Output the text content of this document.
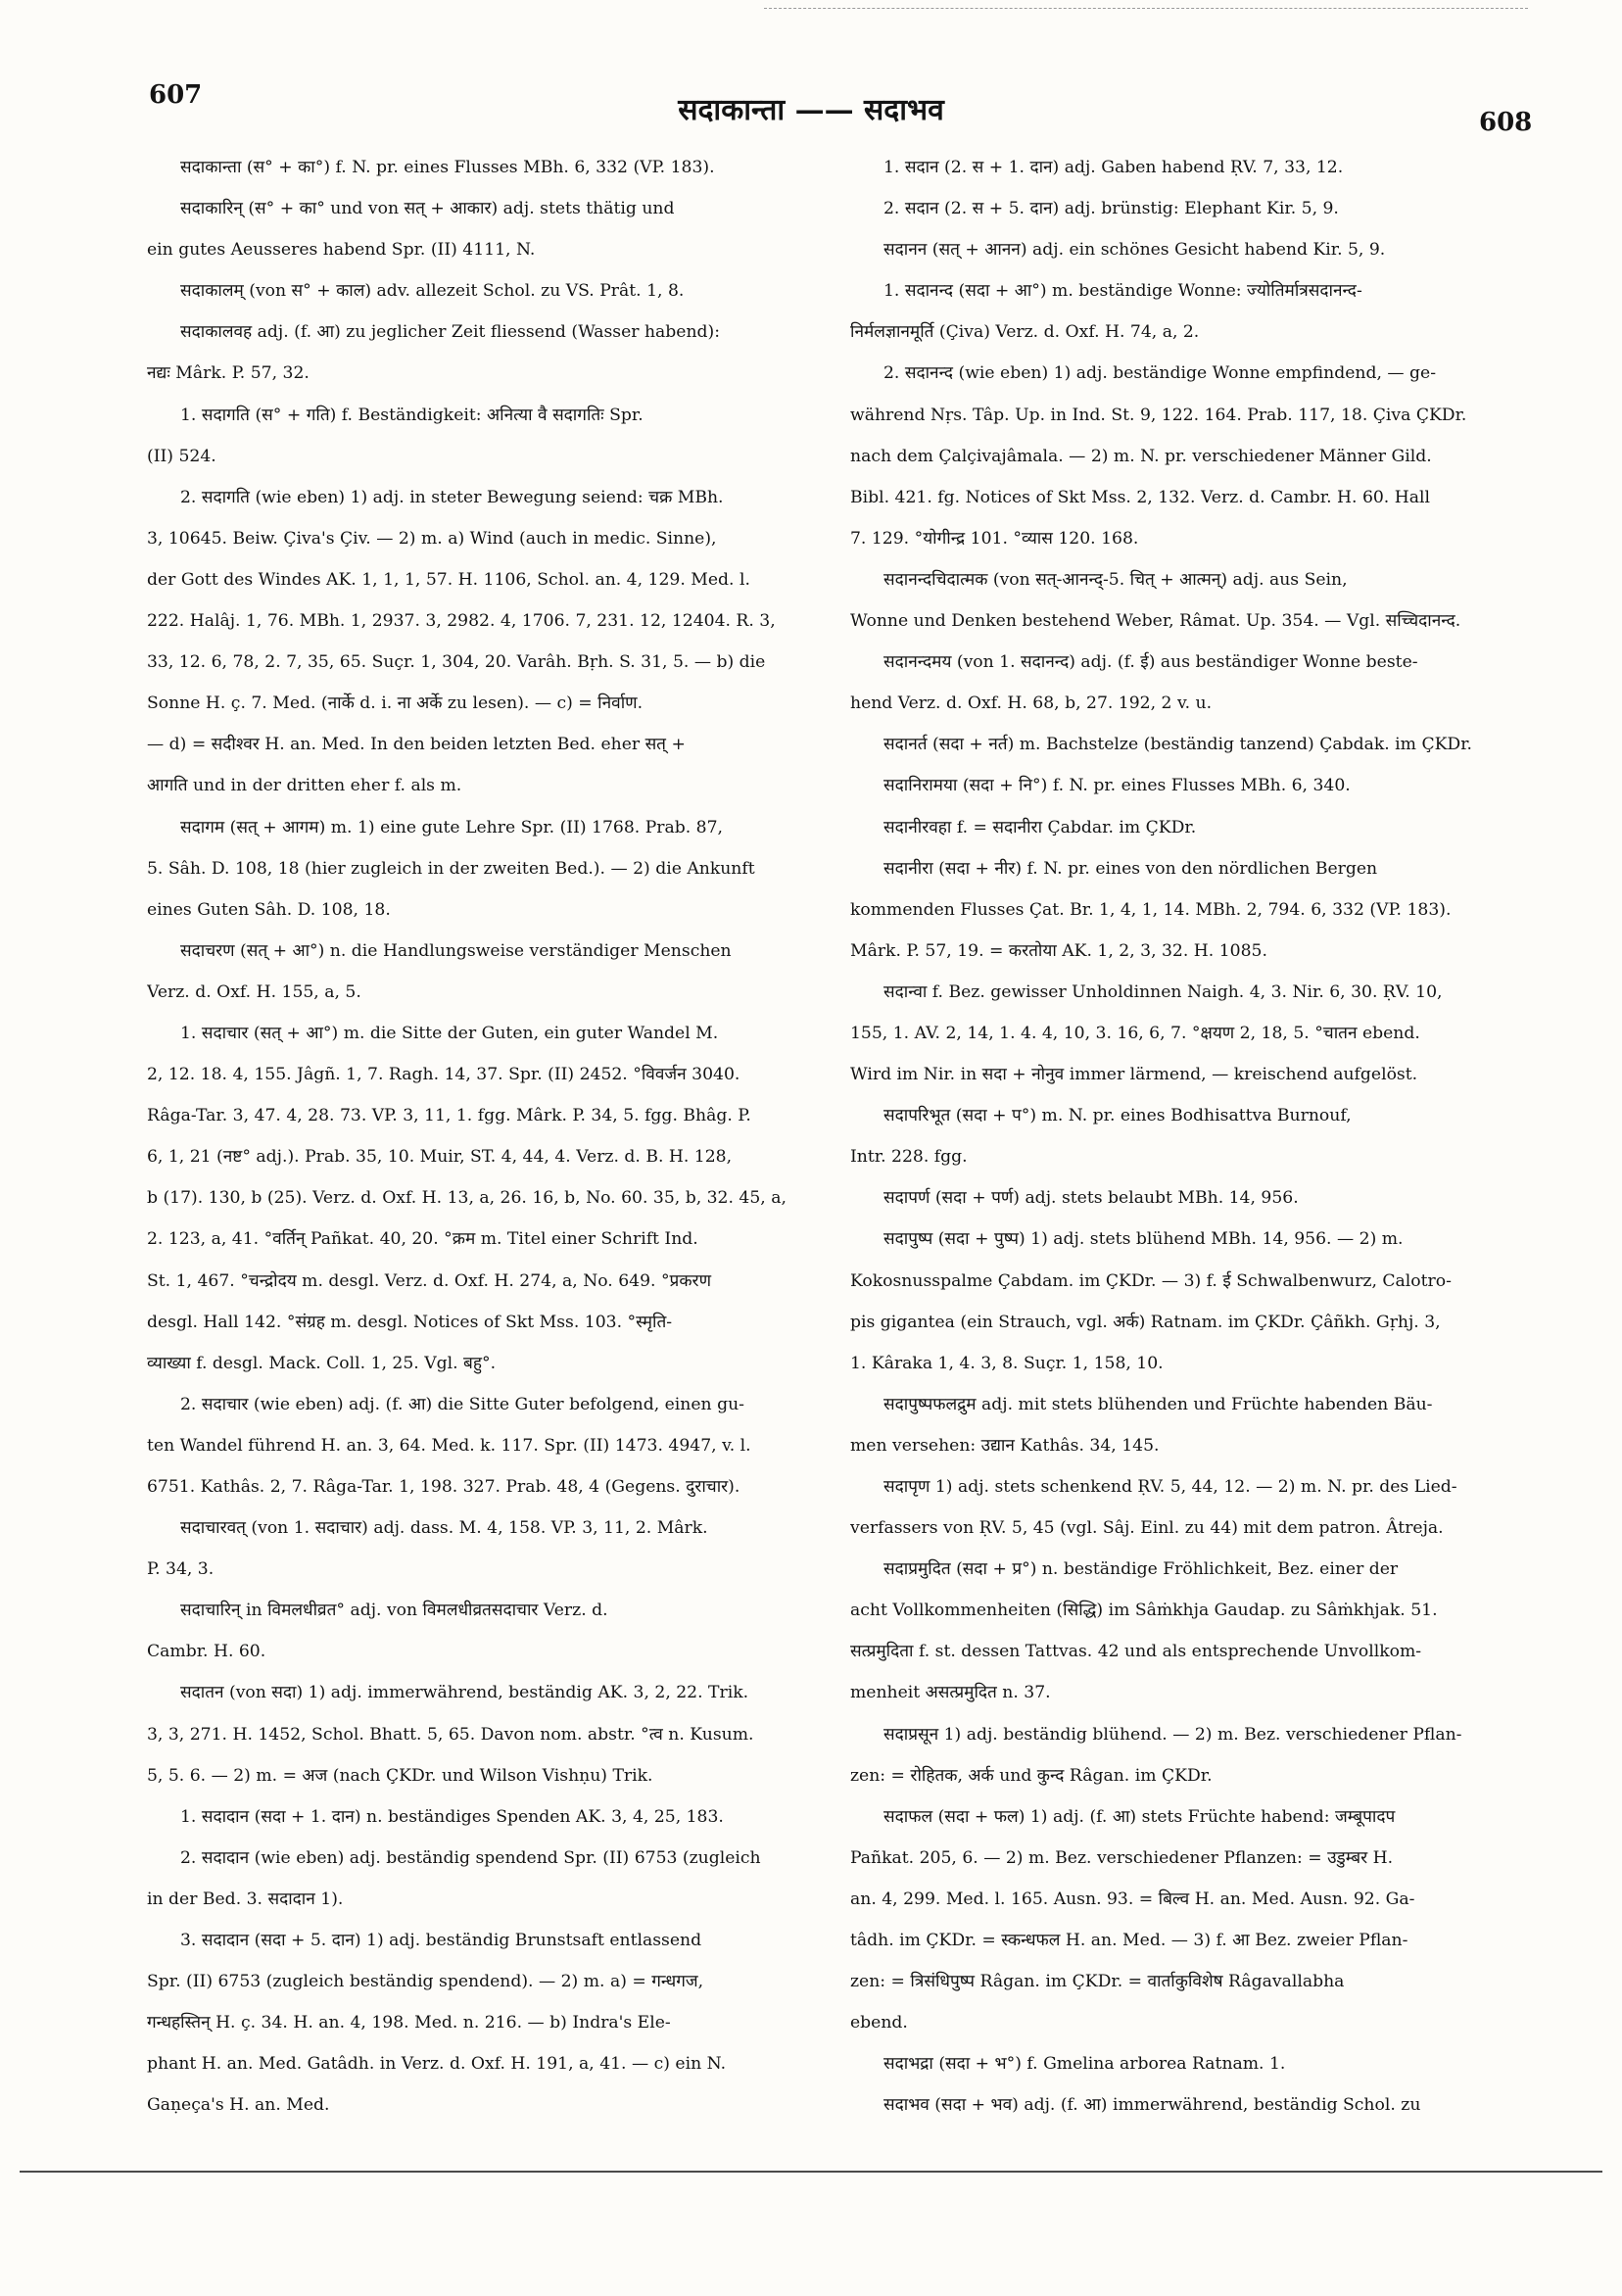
607	सदाकान्ता —— सदाभव	608
सदाकान्ता (स° + का°) f. N. pr. eines Flusses MBh. 6, 332 (VP. 183).
सदाकारिन् (स° + का° und von सत् + आकार) adj. stets thätig und
ein gutes Aeusseres habend Spr. (II) 4111, N.
सदाकालम् (von स° + काल) adv. allezeit Schol. zu VS. Prât. 1, 8.
सदाकालवह adj. (f. आ) zu jeglicher Zeit fliessend (Wasser habend):
नद्यः Mârk. P. 57, 32.
1. सदागति (स° + गति) f. Beständigkeit: अनित्या वै सदागतिः Spr.
(II) 524.
2. सदागति (wie eben) 1) adj. in steter Bewegung seiend: चक्र MBh.
3, 10645. Beiw. Çiva's Çiv. — 2) m. a) Wind (auch in medic. Sinne),
der Gott des Windes AK. 1, 1, 1, 57. H. 1106, Schol. an. 4, 129. Med. l.
222. Halâj. 1, 76. MBh. 1, 2937. 3, 2982. 4, 1706. 7, 231. 12, 12404. R. 3,
33, 12. 6, 78, 2. 7, 35, 65. Suçr. 1, 304, 20. Varâh. Bṛh. S. 31, 5. — b) die
Sonne H. ç. 7. Med. (नार्के d. i. ना अर्के zu lesen). — c) = निर्वाण.
— d) = सदीश्वर H. an. Med. In den beiden letzten Bed. eher सत् +
आगति und in der dritten eher f. als m.
सदागम (सत् + आगम) m. 1) eine gute Lehre Spr. (II) 1768. Prab. 87,
5. Sâh. D. 108, 18 (hier zugleich in der zweiten Bed.). — 2) die Ankunft
eines Guten Sâh. D. 108, 18.
सदाचरण (सत् + आ°) n. die Handlungsweise verständiger Menschen
Verz. d. Oxf. H. 155, a, 5.
1. सदाचार (सत् + आ°) m. die Sitte der Guten, ein guter Wandel M.
2, 12. 18. 4, 155. Jâgñ. 1, 7. Ragh. 14, 37. Spr. (II) 2452. °विवर्जन 3040.
Râga-Tar. 3, 47. 4, 28. 73. VP. 3, 11, 1. fgg. Mârk. P. 34, 5. fgg. Bhâg. P.
6, 1, 21 (नष्ट° adj.). Prab. 35, 10. Muir, ST. 4, 44, 4. Verz. d. B. H. 128,
b (17). 130, b (25). Verz. d. Oxf. H. 13, a, 26. 16, b, No. 60. 35, b, 32. 45, a,
2. 123, a, 41. °वर्तिन् Pañkat. 40, 20. °क्रम m. Titel einer Schrift Ind.
St. 1, 467. °चन्द्रोदय m. desgl. Verz. d. Oxf. H. 274, a, No. 649. °प्रकरण
desgl. Hall 142. °संग्रह m. desgl. Notices of Skt Mss. 103. °स्मृति-
व्याख्या f. desgl. Mack. Coll. 1, 25. Vgl. बहु°.
2. सदाचार (wie eben) adj. (f. आ) die Sitte Guter befolgend, einen gu-
ten Wandel führend H. an. 3, 64. Med. k. 117. Spr. (II) 1473. 4947, v. l.
6751. Kathâs. 2, 7. Râga-Tar. 1, 198. 327. Prab. 48, 4 (Gegens. दुराचार).
सदाचारवत् (von 1. सदाचार) adj. dass. M. 4, 158. VP. 3, 11, 2. Mârk.
P. 34, 3.
सदाचारिन् in विमलधीव्रत° adj. von विमलधीव्रतसदाचार Verz. d.
Cambr. H. 60.
सदातन (von सदा) 1) adj. immerwährend, beständig AK. 3, 2, 22. Trik.
3, 3, 271. H. 1452, Schol. Bhatt. 5, 65. Davon nom. abstr. °त्व n. Kusum.
5, 5. 6. — 2) m. = अज (nach ÇKDr. und Wilson Vishṇu) Trik.
1. सदादान (सदा + 1. दान) n. beständiges Spenden AK. 3, 4, 25, 183.
2. सदादान (wie eben) adj. beständig spendend Spr. (II) 6753 (zugleich
in der Bed. 3. सदादान 1).
3. सदादान (सदा + 5. दान) 1) adj. beständig Brunstsaft entlassend
Spr. (II) 6753 (zugleich beständig spendend). — 2) m. a) = गन्धगज,
गन्धहस्तिन् H. ç. 34. H. an. 4, 198. Med. n. 216. — b) Indra's Ele-
phant H. an. Med. Gatâdh. in Verz. d. Oxf. H. 191, a, 41. — c) ein N.
Gaṇeça's H. an. Med.
1. सदान (2. स + 1. दान) adj. Gaben habend ṚV. 7, 33, 12.
2. सदान (2. स + 5. दान) adj. brünstig: Elephant Kir. 5, 9.
सदानन (सत् + आनन) adj. ein schönes Gesicht habend Kir. 5, 9.
1. सदानन्द (सदा + आ°) m. beständige Wonne: ज्योतिर्मात्रसदानन्द-
निर्मलज्ञानमूर्ति (Çiva) Verz. d. Oxf. H. 74, a, 2.
2. सदानन्द (wie eben) 1) adj. beständige Wonne empfindend, — ge-
während Nṛs. Tâp. Up. in Ind. St. 9, 122. 164. Prab. 117, 18. Çiva ÇKDr.
nach dem Çalçivajâmala. — 2) m. N. pr. verschiedener Männer Gild.
Bibl. 421. fg. Notices of Skt Mss. 2, 132. Verz. d. Cambr. H. 60. Hall
7. 129. °योगीन्द्र 101. °व्यास 120. 168.
सदानन्दचिदात्मक (von सत्-आनन्द्-5. चित् + आत्मन्) adj. aus Sein,
Wonne und Denken bestehend Weber, Râmat. Up. 354. — Vgl. सच्चिदानन्द.
सदानन्दमय (von 1. सदानन्द) adj. (f. ई) aus beständiger Wonne beste-
hend Verz. d. Oxf. H. 68, b, 27. 192, 2 v. u.
सदानर्त (सदा + नर्त) m. Bachstelze (beständig tanzend) Çabdak. im ÇKDr.
सदानिरामया (सदा + नि°) f. N. pr. eines Flusses MBh. 6, 340.
सदानीरवहा f. = सदानीरा Çabdar. im ÇKDr.
सदानीरा (सदा + नीर) f. N. pr. eines von den nördlichen Bergen
kommenden Flusses Çat. Br. 1, 4, 1, 14. MBh. 2, 794. 6, 332 (VP. 183).
Mârk. P. 57, 19. = करतोया AK. 1, 2, 3, 32. H. 1085.
सदान्वा f. Bez. gewisser Unholdinnen Naigh. 4, 3. Nir. 6, 30. ṚV. 10,
155, 1. AV. 2, 14, 1. 4. 4, 10, 3. 16, 6, 7. °क्षयण 2, 18, 5. °चातन ebend.
Wird im Nir. in सदा + नोनुव immer lärmend, — kreischend aufgelöst.
सदापरिभूत (सदा + प°) m. N. pr. eines Bodhisattva Burnouf,
Intr. 228. fgg.
सदापर्ण (सदा + पर्ण) adj. stets belaubt MBh. 14, 956.
सदापुष्प (सदा + पुष्प) 1) adj. stets blühend MBh. 14, 956. — 2) m.
Kokosnusspalme Çabdam. im ÇKDr. — 3) f. ई Schwalbenwurz, Calotro-
pis gigantea (ein Strauch, vgl. अर्क) Ratnam. im ÇKDr. Çâñkh. Gṛhj. 3,
1. Kâraka 1, 4. 3, 8. Suçr. 1, 158, 10.
सदापुष्पफलद्रुम adj. mit stets blühenden und Früchte habenden Bäu-
men versehen: उद्यान Kathâs. 34, 145.
सदापृण 1) adj. stets schenkend ṚV. 5, 44, 12. — 2) m. N. pr. des Lied-
verfassers von ṚV. 5, 45 (vgl. Sâj. Einl. zu 44) mit dem patron. Âtreja.
सदाप्रमुदित (सदा + प्र°) n. beständige Fröhlichkeit, Bez. einer der
acht Vollkommenheiten (सिद्धि) im Sâṁkhja Gaudap. zu Sâṁkhjak. 51.
सत्प्रमुदिता f. st. dessen Tattvas. 42 und als entsprechende Unvollkom-
menheit असत्प्रमुदित n. 37.
सदाप्रसून 1) adj. beständig blühend. — 2) m. Bez. verschiedener Pflan-
zen: = रोहितक, अर्क und कुन्द Râgan. im ÇKDr.
सदाफल (सदा + फल) 1) adj. (f. आ) stets Früchte habend: जम्बूपादप
Pañkat. 205, 6. — 2) m. Bez. verschiedener Pflanzen: = उडुम्बर H.
an. 4, 299. Med. l. 165. Ausn. 93. = बिल्व H. an. Med. Ausn. 92. Ga-
tâdh. im ÇKDr. = स्कन्धफल H. an. Med. — 3) f. आ Bez. zweier Pflan-
zen: = त्रिसंधिपुष्प Râgan. im ÇKDr. = वार्ताकुविशेष Râgavallabha
ebend.
सदाभद्रा (सदा + भ°) f. Gmelina arborea Ratnam. 1.
सदाभव (सदा + भव) adj. (f. आ) immerwährend, beständig Schol. zu
